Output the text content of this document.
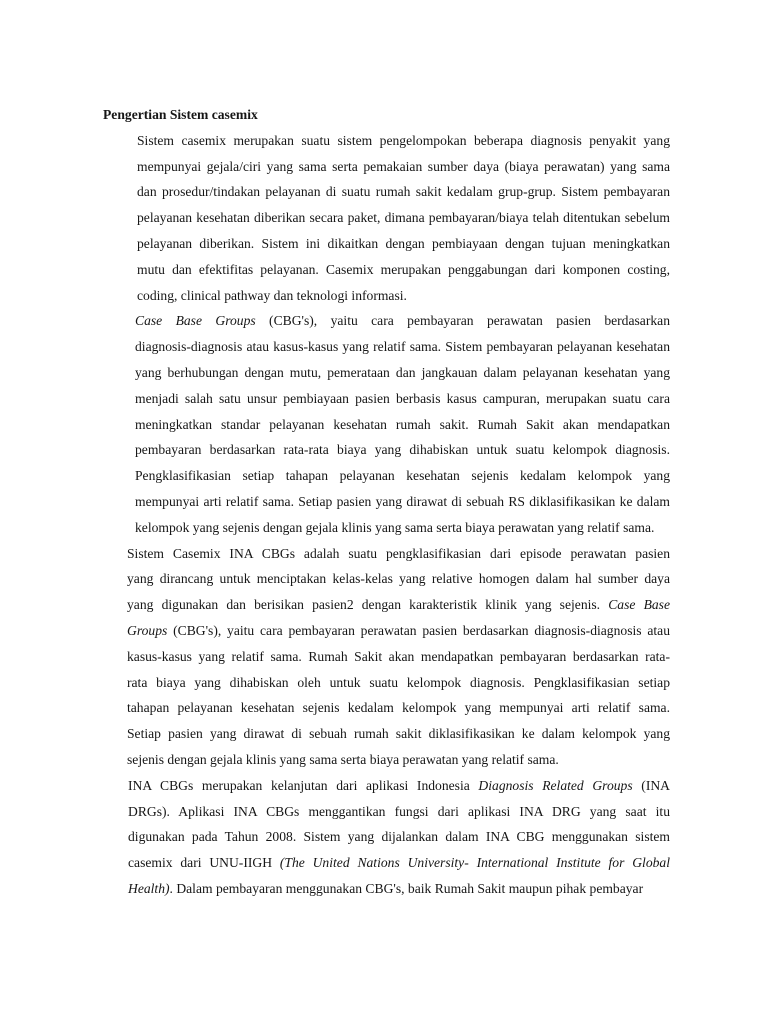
Pengertian Sistem casemix

Sistem casemix merupakan suatu sistem pengelompokan beberapa diagnosis penyakit yang
mempunyai gejala/ciri yang sama serta pemakaian sumber daya (biaya perawatan) yang sama
dan prosedur/tindakan pelayanan di suatu rumah sakit kedalam grup-grup. Sistem pembayaran
pelayanan kesehatan diberikan secara paket, dimana pembayaran/biaya telah ditentukan sebelum
pelayanan diberikan. Sistem ini dikaitkan dengan pembiayaan dengan tujuan meningkatkan
mutu dan efektifitas pelayanan. Casemix merupakan penggabungan dari komponen costing,
coding, clinical pathway dan teknologi informasi.

Case Base Groups (CBG's), yaitu cara pembayaran perawatan pasien berdasarkan
diagnosis-diagnosis atau kasus-kasus yang relatif sama. Sistem pembayaran pelayanan kesehatan
yang berhubungan dengan mutu, pemerataan dan jangkauan dalam pelayanan kesehatan yang
menjadi salah satu unsur pembiayaan pasien berbasis kasus campuran, merupakan suatu cara
meningkatkan standar pelayanan kesehatan rumah sakit. Rumah Sakit akan mendapatkan
pembayaran berdasarkan rata-rata biaya yang dihabiskan untuk suatu kelompok diagnosis.
Pengklasifikasian setiap tahapan pelayanan kesehatan sejenis kedalam kelompok yang
mempunyai arti relatif sama. Setiap pasien yang dirawat di sebuah RS diklasifikasikan ke dalam
kelompok yang sejenis dengan gejala klinis yang sama serta biaya perawatan yang relatif sama.

Sistem Casemix INA CBGs adalah suatu pengklasifikasian dari episode perawatan pasien
yang dirancang untuk menciptakan kelas-kelas yang relative homogen dalam hal sumber daya
yang digunakan dan berisikan pasien2 dengan karakteristik klinik yang sejenis. Case Base
Groups (CBG's), yaitu cara pembayaran perawatan pasien berdasarkan diagnosis-diagnosis atau
kasus-kasus yang relatif sama. Rumah Sakit akan mendapatkan pembayaran berdasarkan rata-
rata biaya yang dihabiskan oleh untuk suatu kelompok diagnosis. Pengklasifikasian setiap
tahapan pelayanan kesehatan sejenis kedalam kelompok yang mempunyai arti relatif sama.
Setiap pasien yang dirawat di sebuah rumah sakit diklasifikasikan ke dalam kelompok yang
sejenis dengan gejala klinis yang sama serta biaya perawatan yang relatif sama.

INA CBGs merupakan kelanjutan dari aplikasi Indonesia Diagnosis Related Groups (INA
DRGs). Aplikasi INA CBGs menggantikan fungsi dari aplikasi INA DRG yang saat itu
digunakan pada Tahun 2008. Sistem yang dijalankan dalam INA CBG menggunakan sistem
casemix dari UNU-IIGH (The United Nations University- International Institute for Global
Health). Dalam pembayaran menggunakan CBG's, baik Rumah Sakit maupun pihak pembayar
